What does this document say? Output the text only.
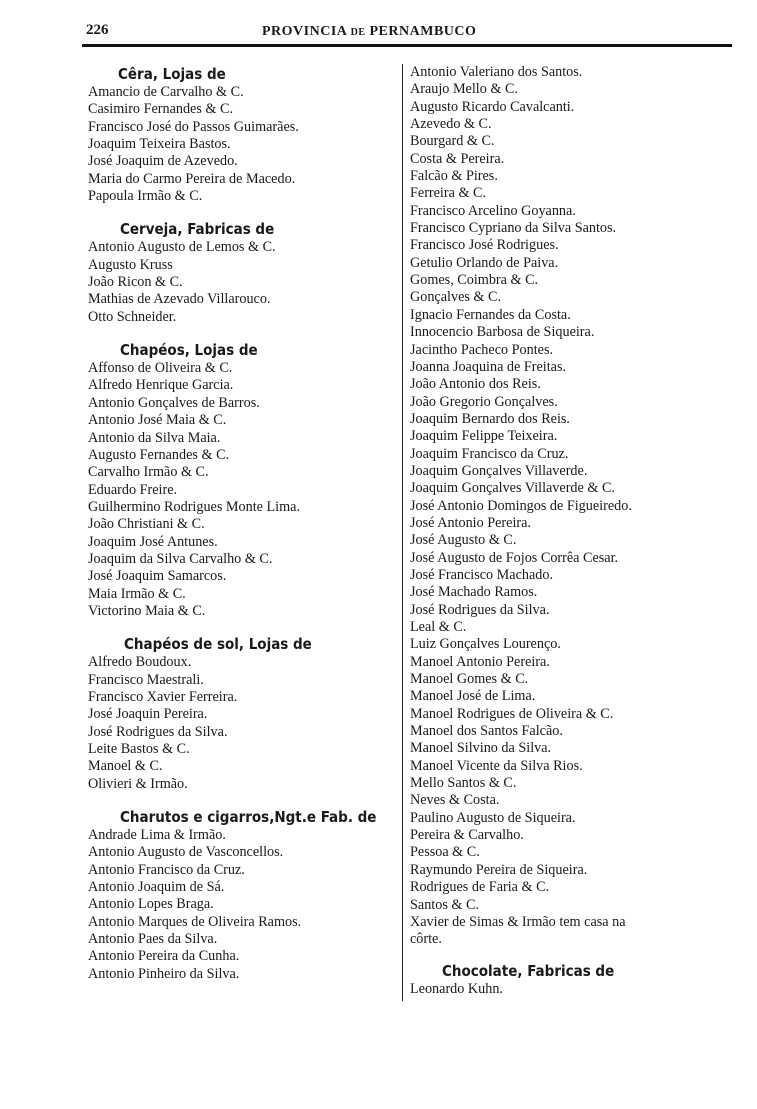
226	PROVINCIA de PERNAMBUCO
Cêra, Lojas de
Amancio de Carvalho & C.
Casimiro Fernandes & C.
Francisco José do Passos Guimarães.
Joaquim Teixeira Bastos.
José Joaquim de Azevedo.
Maria do Carmo Pereira de Macedo.
Papoula Irmão & C.
Cerveja, Fabricas de
Antonio Augusto de Lemos & C.
Augusto Kruss
João Ricon & C.
Mathias de Azevado Villarouco.
Otto Schneider.
Chapéos, Lojas de
Affonso de Oliveira & C.
Alfredo Henrique Garcia.
Antonio Gonçalves de Barros.
Antonio José Maia & C.
Antonio da Silva Maia.
Augusto Fernandes & C.
Carvalho Irmão & C.
Eduardo Freire.
Guilhermino Rodrigues Monte Lima.
João Christiani & C.
Joaquim José Antunes.
Joaquim da Silva Carvalho & C.
José Joaquim Samarcos.
Maia Irmão & C.
Victorino Maia & C.
Chapéos de sol, Lojas de
Alfredo Boudoux.
Francisco Maestrali.
Francisco Xavier Ferreira.
José Joaquin Pereira.
José Rodrigues da Silva.
Leite Bastos & C.
Manoel & C.
Olivieri & Irmão.
Charutos e cigarros,Ngt.e Fab. de
Andrade Lima & Irmão.
Antonio Augusto de Vasconcellos.
Antonio Francisco da Cruz.
Antonio Joaquim de Sá.
Antonio Lopes Braga.
Antonio Marques de Oliveira Ramos.
Antonio Paes da Silva.
Antonio Pereira da Cunha.
Antonio Pinheiro da Silva.
Antonio Valeriano dos Santos.
Araujo Mello & C.
Augusto Ricardo Cavalcanti.
Azevedo & C.
Bourgard & C.
Costa & Pereira.
Falcão & Pires.
Ferreira & C.
Francisco Arcelino Goyanna.
Francisco Cypriano da Silva Santos.
Francisco José Rodrigues.
Getulio Orlando de Paiva.
Gomes, Coimbra & C.
Gonçalves & C.
Ignacio Fernandes da Costa.
Innocencio Barbosa de Siqueira.
Jacintho Pacheco Pontes.
Joanna Joaquina de Freitas.
João Antonio dos Reis.
João Gregorio Gonçalves.
Joaquim Bernardo dos Reis.
Joaquim Felippe Teixeira.
Joaquim Francisco da Cruz.
Joaquim Gonçalves Villaverde.
Joaquim Gonçalves Villaverde & C.
José Antonio Domingos de Figueiredo.
José Antonio Pereira.
José Augusto & C.
José Augusto de Fojos Corrêa Cesar.
José Francisco Machado.
José Machado Ramos.
José Rodrigues da Silva.
Leal & C.
Luiz Gonçalves Lourenço.
Manoel Antonio Pereira.
Manoel Gomes & C.
Manoel José de Lima.
Manoel Rodrigues de Oliveira & C.
Manoel dos Santos Falcão.
Manoel Silvino da Silva.
Manoel Vicente da Silva Rios.
Mello Santos & C.
Neves & Costa.
Paulino Augusto de Siqueira.
Pereira & Carvalho.
Pessoa & C.
Raymundo Pereira de Siqueira.
Rodrigues de Faria & C.
Santos & C.
Xavier de Simas & Irmão tem casa na
côrte.
Chocolate, Fabricas de
Leonardo Kuhn.
